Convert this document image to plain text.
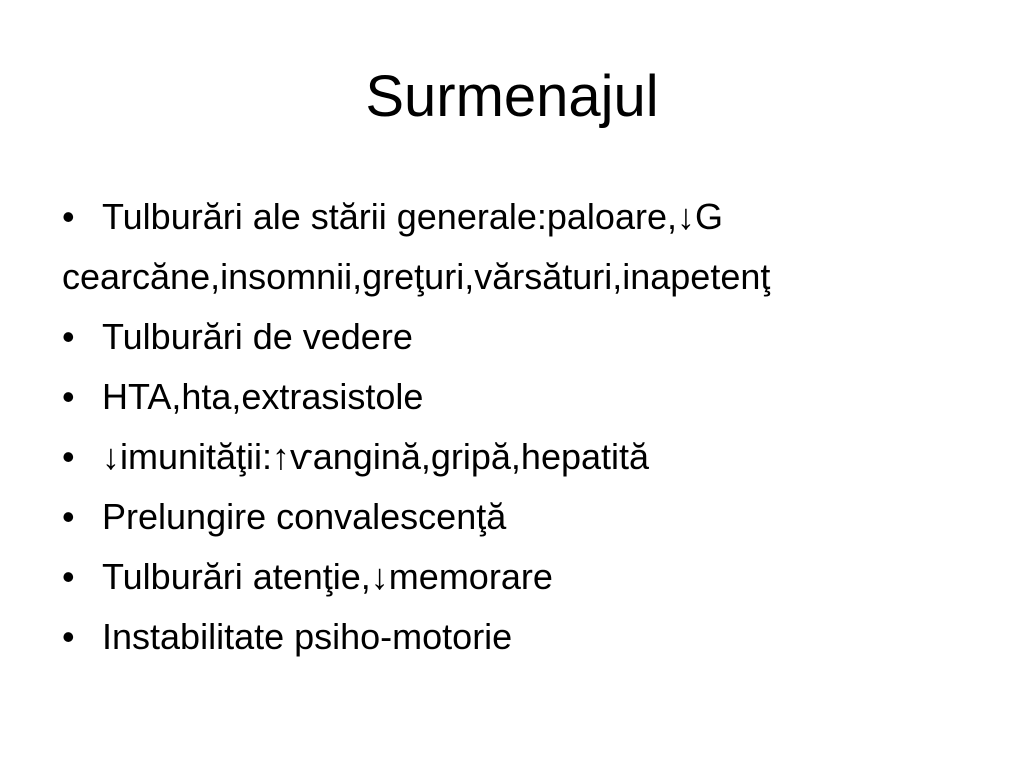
Surmenajul
• Tulburări ale stării generale:paloare,↓G
cearcăne,insomnii,greţuri,vărsături,inapetenţ
• Tulburări de vedere
• HTA,hta,extrasistole
• ↓imunităţii:↑ѵangină,gripă,hepatită
• Prelungire convalescenţă
• Tulburări atenţie,↓memorare
• Instabilitate psiho-motorie
